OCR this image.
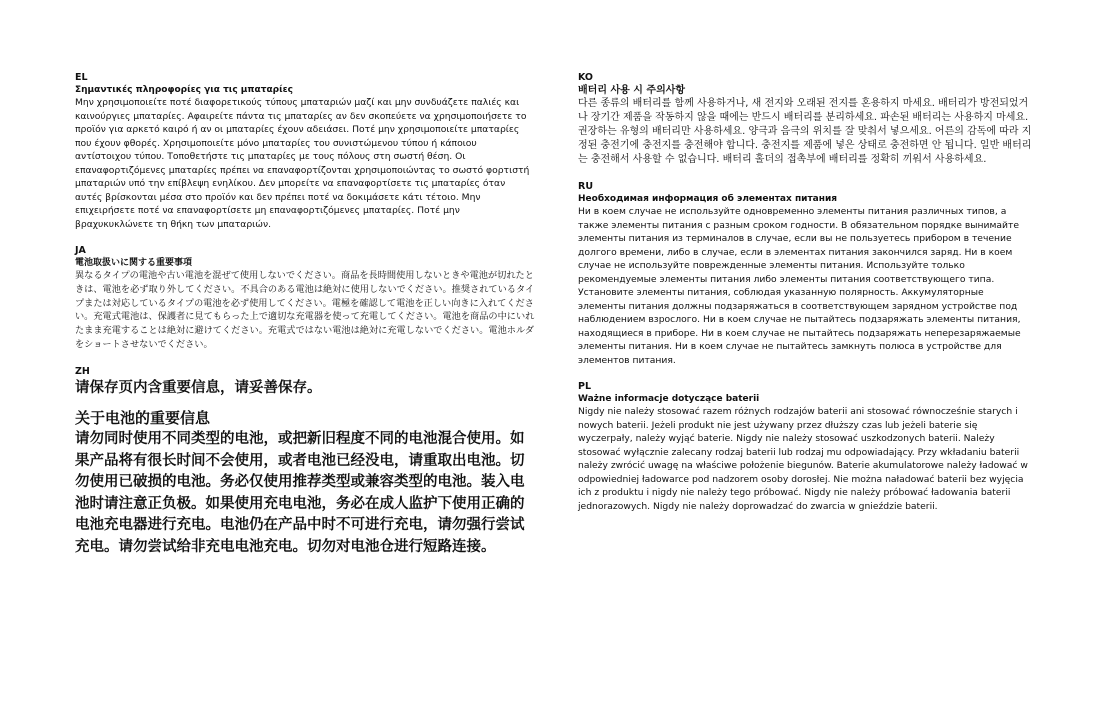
EL
Σημαντικές πληροφορίες για τις μπαταρίες

Μην χρησιμοποιείτε ποτέ διαφορετικούς τύπους μπαταριών μαζί και μην συνδυάζετε παλιές και καινούργιες μπαταρίες. Αφαιρείτε πάντα τις μπαταρίες αν δεν σκοπεύετε να χρησιμοποιήσετε το προϊόν για αρκετό καιρό ή αν οι μπαταρίες έχουν αδειάσει. Ποτέ μην χρησιμοποιείτε μπαταρίες που έχουν φθορές. Χρησιμοποιείτε μόνο μπαταρίες του συνιστώμενου τύπου ή κάποιου αντίστοιχου τύπου. Τοποθετήστε τις μπαταρίες με τους πόλους στη σωστή θέση. Οι επαναφορτιζόμενες μπαταρίες πρέπει να επαναφορτίζονται χρησιμοποιώντας το σωστό φορτιστή μπαταριών υπό την επίβλεψη ενηλίκου. Δεν μπορείτε να επαναφορτίσετε τις μπαταρίες όταν αυτές βρίσκονται μέσα στο προϊόν και δεν πρέπει ποτέ να δοκιμάσετε κάτι τέτοιο. Μην επιχειρήσετε ποτέ να επαναφορτίσετε μη επαναφορτιζόμενες μπαταρίες. Ποτέ μην βραχυκυκλώνετε τη θήκη των μπαταριών.

JA
電池取扱いに関する重要事項

異なるタイプの電池や古い電池を混ぜて使用しないでください。商品を長時間使用しないときや電池が切れたときは、電池を必ず取り外してください。不具合のある電池は絶対に使用しないでください。推奨されているタイプまたは対応しているタイプの電池を必ず使用してください。電極を確認して電池を正しい向きに入れてください。充電式電池は、保護者に見てもらった上で適切な充電器を使って充電してください。電池を商品の中にいれたまま充電することは絶対に避けてください。充電式ではない電池は絶対に充電しないでください。電池ホルダをショートさせないでください。

ZH

请保存页内含重要信息，请妥善保存。

关于电池的重要信息

请勿同时使用不同类型的电池，或把新旧程度不同的电池混合使用。如果产品将有很长时间不会使用，或者电池已经没电，请重取出电池。切勿使用已破损的电池。务必仅使用推荐类型或兼容类型的电池。装入电池时请注意正负极。如果使用充电电池，务必在成人监护下使用正确的电池充电器进行充电。电池仍在产品中时不可进行充电，请勿强行尝试充电。请勿尝试给非充电电池充电。切勿对电池仓进行短路连接。

KO
배터리 사용 시 주의사항

다른 종류의 배터리를 함께 사용하거나, 새 전지와 오래된 전지를 혼용하지 마세요. 배터리가 방전되었거나 장기간 제품을 작동하지 않을 때에는 반드시 배터리를 분리하세요. 파손된 배터리는 사용하지 마세요. 권장하는 유형의 배터리만 사용하세요. 양극과 음극의 위치를 잘 맞춰서 넣으세요. 어른의 감독에 따라 지정된 충전기에 충전지를 충전해야 합니다. 충전지를 제품에 넣은 상태로 충전하면 안 됩니다. 일반 배터리는 충전해서 사용할 수 없습니다. 배터리 홀더의 접촉부에 배터리를 정확히 끼워서 사용하세요.

RU
Необходимая информация об элементах питания

Ни в коем случае не используйте одновременно элементы питания различных типов, а также элементы питания с разным сроком годности. В обязательном порядке вынимайте элементы питания из терминалов в случае, если вы не пользуетесь прибором в течение долгого времени, либо в случае, если в элементах питания закончился заряд. Ни в коем случае не используйте поврежденные элементы питания. Используйте только рекомендуемые элементы питания либо элементы питания соответствующего типа. Установите элементы питания, соблюдая указанную полярность. Аккумуляторные элементы питания должны подзаряжаться в соответствующем зарядном устройстве под наблюдением взрослого. Ни в коем случае не пытайтесь подзаряжать элементы питания, находящиеся в приборе. Ни в коем случае не пытайтесь подзаряжать неперезаряжаемые элементы питания. Ни в коем случае не пытайтесь замкнуть полюса в устройстве для элементов питания.

PL
Ważne informacje dotyczące baterii

Nigdy nie należy stosować razem różnych rodzajów baterii ani stosować równocześnie starych i nowych baterii. Jeżeli produkt nie jest używany przez dłuższy czas lub jeżeli baterie się wyczerpały, należy wyjąć baterie. Nigdy nie należy stosować uszkodzonych baterii. Należy stosować wyłącznie zalecany rodzaj baterii lub rodzaj mu odpowiadający. Przy wkładaniu baterii należy zwrócić uwagę na właściwe położenie biegunów. Baterie akumulatorowe należy ładować w odpowiedniej ładowarce pod nadzorem osoby dorosłej. Nie można naładować baterii bez wyjęcia ich z produktu i nigdy nie należy tego próbować. Nigdy nie należy próbować ładowania baterii jednorazowych. Nigdy nie należy doprowadzać do zwarcia w gnieździe baterii.
